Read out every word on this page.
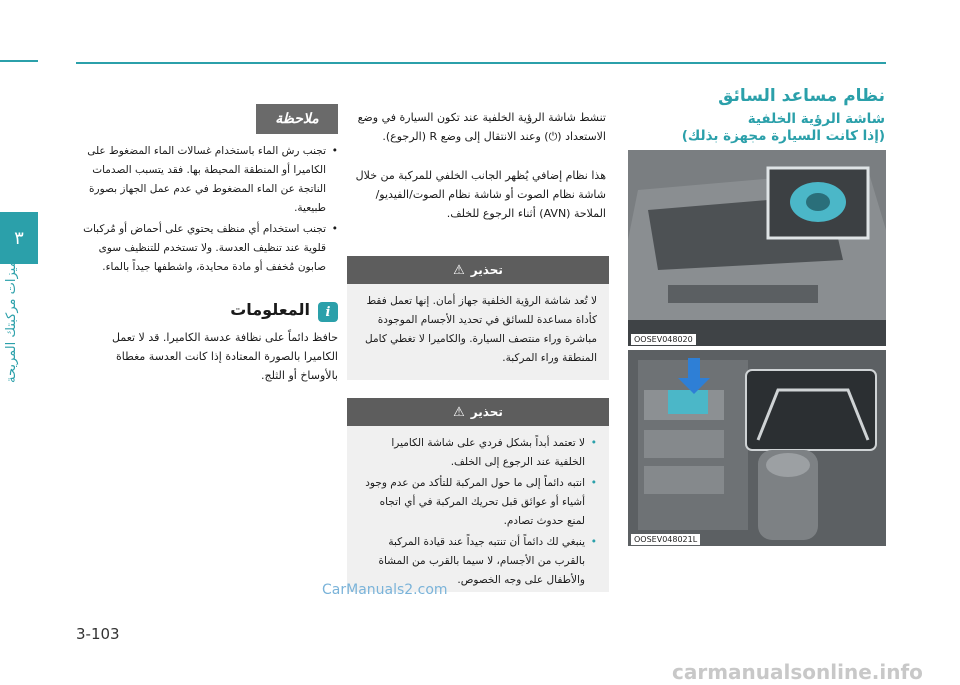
٣
ميزات مركبتك المريحة
نظام مساعد السائق
شاشة الرؤية الخلفية
(إذا كانت السيارة مجهزة بذلك)
OOSEV048020
OOSEV048021L
تنشط شاشة الرؤية الخلفية عند تكون السيارة في وضع الاستعداد (⏻) وعند الانتقال إلى وضع R (الرجوع).
هذا نظام إضافي يُظهر الجانب الخلفي للمركبة من خلال شاشة نظام الصوت أو شاشة نظام الصوت/الفيديو/الملاحة (AVN) أثناء الرجوع للخلف.
تحذير
⚠
لا تُعد شاشة الرؤية الخلفية جهاز أمان. إنها تعمل فقط كأداة مساعدة للسائق في تحديد الأجسام الموجودة مباشرة وراء منتصف السيارة. والكاميرا لا تغطي كامل المنطقة وراء المركبة.
تحذير
⚠
• لا تعتمد أبداً بشكل فردي على شاشة الكاميرا الخلفية عند الرجوع إلى الخلف.
• انتبه دائماً إلى ما حول المركبة للتأكد من عدم وجود أشياء أو عوائق قبل تحريك المركبة في أي اتجاه لمنع حدوث تصادم.
• ينبغي لك دائماً أن تنتبه جيداً عند قيادة المركبة بالقرب من الأجسام، لا سيما بالقرب من المشاة والأطفال على وجه الخصوص.
ملاحظة
• تجنب رش الماء باستخدام غسالات الماء المضغوط على الكاميرا أو المنطقة المحيطة بها. فقد يتسبب الصدمات الناتجة عن الماء المضغوط في عدم عمل الجهاز بصورة طبيعية.
• تجنب استخدام أي منظف يحتوي على أحماض أو مُركبات قلوية عند تنظيف العدسة. ولا تستخدم للتنظيف سوى صابون مُخفف أو مادة محايدة، واشطفها جيداً بالماء.
i
المعلومات
حافظ دائماً على نظافة عدسة الكاميرا. قد لا تعمل الكاميرا بالصورة المعتادة إذا كانت العدسة مغطاة بالأوساخ أو الثلج.
3-103
CarManuals2.com
carmanualsonline.info
